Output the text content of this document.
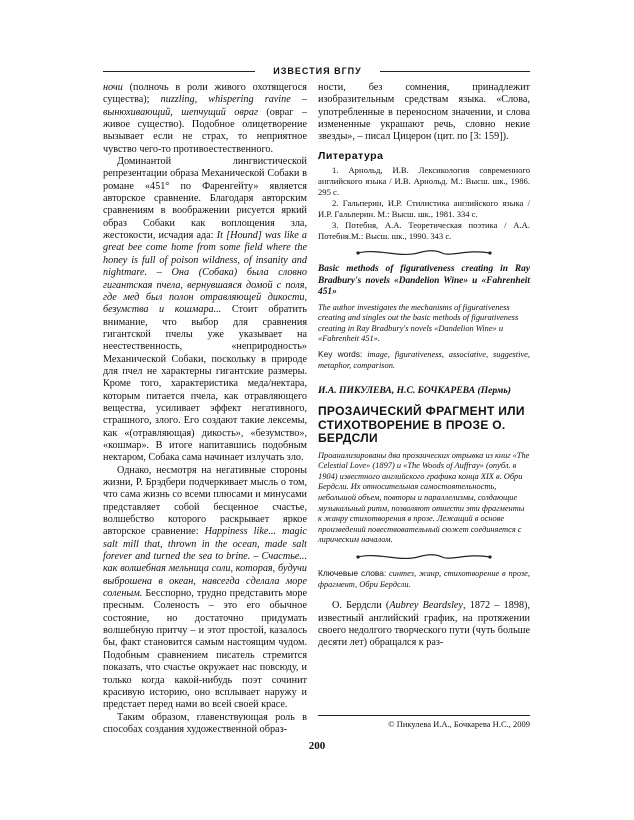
ИЗВЕСТИЯ ВГПУ

ночи (полночь в роли живого охотящегося существа); nuzzling, whispering ravine – вынюхивающий, шепчущий овраг (овраг – живое существо). Подобное олицетворение вызывает если не страх, то неприятное чувство чего-то противоестественного.

Доминантой лингвистической репрезентации образа Механической Собаки в романе «451° по Фаренгейту» является авторское сравнение. Благодаря авторским сравнениям в воображении рисуется яркий образ Собаки как воплощения зла, жестокости, исчадия ада: It [Hound] was like a great bee come home from some field where the honey is full of poison wildness, of insanity and nightmare. – Она (Собака) была словно гигантская пчела, вернувшаяся домой с поля, где мед был полон отравляющей дикости, безумства и кошмара... Стоит обратить внимание, что выбор для сравнения гигантской пчелы уже указывает на неестественность, «неприродность» Механической Собаки, поскольку в природе для пчел не характерны гигантские размеры. Кроме того, характеристика меда/нектара, которым питается пчела, как отравляющего вещества, усиливает эффект негативного, страшного, злого. Его создают такие лексемы, как «(отравляющая) дикость», «безумство», «кошмар». В итоге напитавшись подобным нектаром, Собака сама начинает излучать зло.

Однако, несмотря на негативные стороны жизни, Р. Брэдбери подчеркивает мысль о том, что сама жизнь со всеми плюсами и минусами представляет собой бесценное счастье, волшебство которого раскрывает яркое авторское сравнение: Happiness like... magic salt mill that, thrown in the ocean, made salt forever and turned the sea to brine. – Счастье... как волшебная мельница соли, которая, будучи выброшена в океан, навсегда сделала море соленым. Бесспорно, трудно представить море пресным. Соленость – это его обычное состояние, но достаточно придумать волшебную притчу – и этот простой, казалось бы, факт становится самым настоящим чудом. Подобным сравнением писатель стремится показать, что счастье окружает нас повсюду, и только когда какой-нибудь поэт сочинит красивую историю, оно всплывает наружу и предстает перед нами во всей своей красе.

Таким образом, главенствующая роль в способах создания художественной образ-

ности, без сомнения, принадлежит изобразительным средствам языка. «Слова, употребленные в переносном значении, и слова измененные украшают речь, словно некие звезды», – писал Цицерон (цит. по [3: 159]).

Литература

1. Арнольд, И.В. Лексикология современного английского языка / И.В. Арнольд. М.: Высш. шк., 1986. 295 с.

2. Гальперин, И.Р. Стилистика английского языка / И.Р. Гальперин. М.: Высш. шк., 1981. 334 с.

3. Потебня, А.А. Теоретическая поэтика / А.А. Потебня.М.: Высш. шк., 1990. 343 с.

Basic methods of figurativeness creating in Ray Bradbury's novels «Dandelion Wine» и «Fahrenheit 451»
The author investigates the mechanisms of figurativeness creating and singles out the basic methods of figurativeness creating in Ray Bradbury's novels «Dandelion Wine» и «Fahrenheit 451».
Key words: image, figurativeness, associative, suggestive, metaphor, comparison.
И.А. ПИКУЛЕВА, Н.С. БОЧКАРЕВА (Пермь)
ПРОЗАИЧЕСКИЙ ФРАГМЕНТ ИЛИ СТИХОТВОРЕНИЕ В ПРОЗЕ О. БЕРДСЛИ
Проанализированы два прозаических отрывка из книг «The Celestial Love» (1897) и «The Woods of Auffray» (опубл. в 1904) известного английского графика конца XIX в. Обри Бердсли. Их относительная самостоятельность, небольшой объем, повторы и параллелизмы, создающие музыкальный ритм, позволяют отнести эти фрагменты к жанру стихотворения в прозе. Лежащий в основе произведений повествовательный сюжет соединяется с лирическим началом.
Ключевые слова: синтез, жанр, стихотворение в прозе, фрагмент, Обри Бердсли.

О. Бердсли (Aubrey Beardsley, 1872 – 1898), известный английский график, на протяжении своего недолгого творческого пути (чуть больше десяти лет) обращался к раз-

© Пикулева И.А., Бочкарева Н.С., 2009
200
